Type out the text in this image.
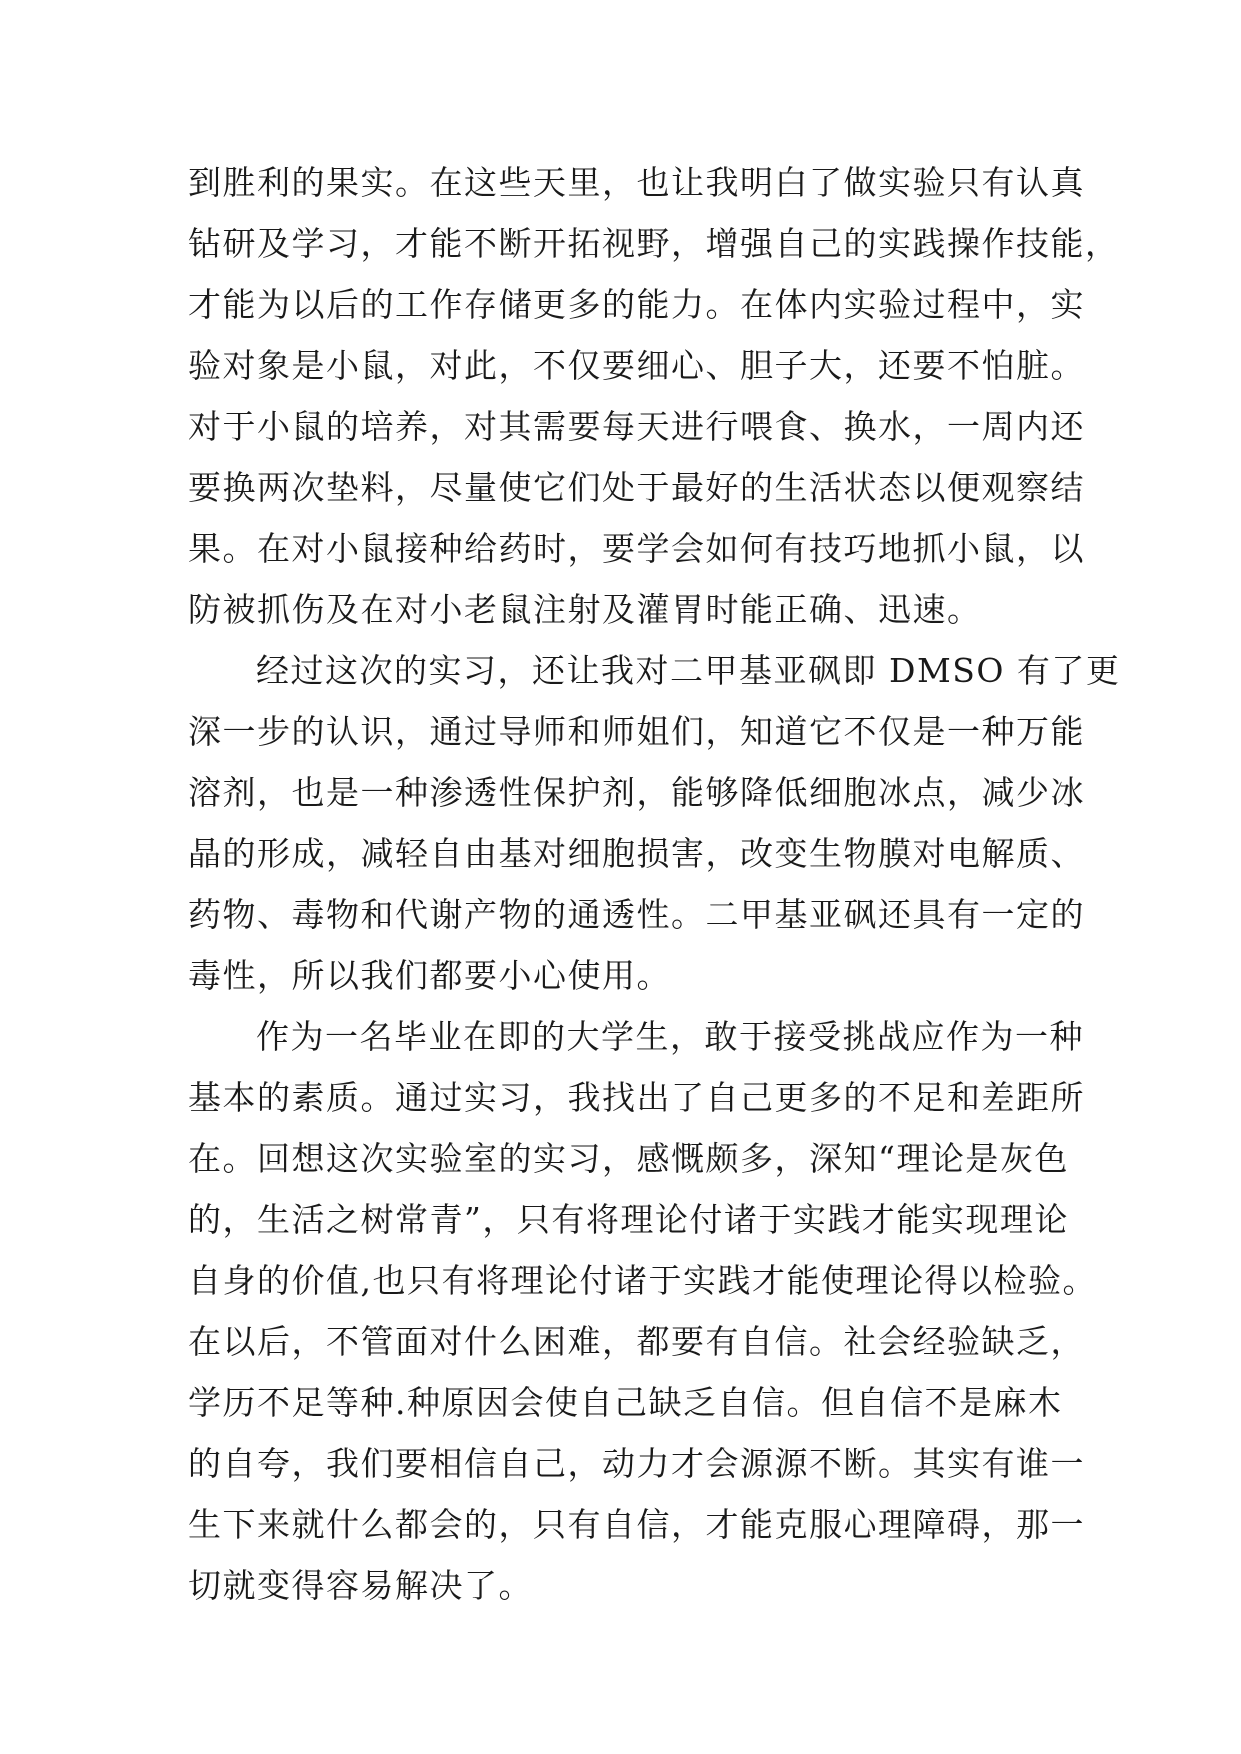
到胜利的果实。在这些天里，也让我明白了做实验只有认真
钻研及学习，才能不断开拓视野，增强自己的实践操作技能，
才能为以后的工作存储更多的能力。在体内实验过程中，实
验对象是小鼠，对此，不仅要细心、胆子大，还要不怕脏。
对于小鼠的培养，对其需要每天进行喂食、换水，一周内还
要换两次垫料，尽量使它们处于最好的生活状态以便观察结
果。在对小鼠接种给药时，要学会如何有技巧地抓小鼠，以
防被抓伤及在对小老鼠注射及灌胃时能正确、迅速。
经过这次的实习，还让我对二甲基亚砜即 DMSO 有了更
深一步的认识，通过导师和师姐们，知道它不仅是一种万能
溶剂，也是一种渗透性保护剂，能够降低细胞冰点，减少冰
晶的形成，减轻自由基对细胞损害，改变生物膜对电解质、
药物、毒物和代谢产物的通透性。二甲基亚砜还具有一定的
毒性，所以我们都要小心使用。
作为一名毕业在即的大学生，敢于接受挑战应作为一种
基本的素质。通过实习，我找出了自己更多的不足和差距所
在。回想这次实验室的实习，感慨颇多，深知“理论是灰色
的，生活之树常青”，只有将理论付诸于实践才能实现理论
自身的价值,也只有将理论付诸于实践才能使理论得以检验。
在以后，不管面对什么困难，都要有自信。社会经验缺乏，
学历不足等种.种原因会使自己缺乏自信。但自信不是麻木
的自夸，我们要相信自己，动力才会源源不断。其实有谁一
生下来就什么都会的，只有自信，才能克服心理障碍，那一
切就变得容易解决了。
